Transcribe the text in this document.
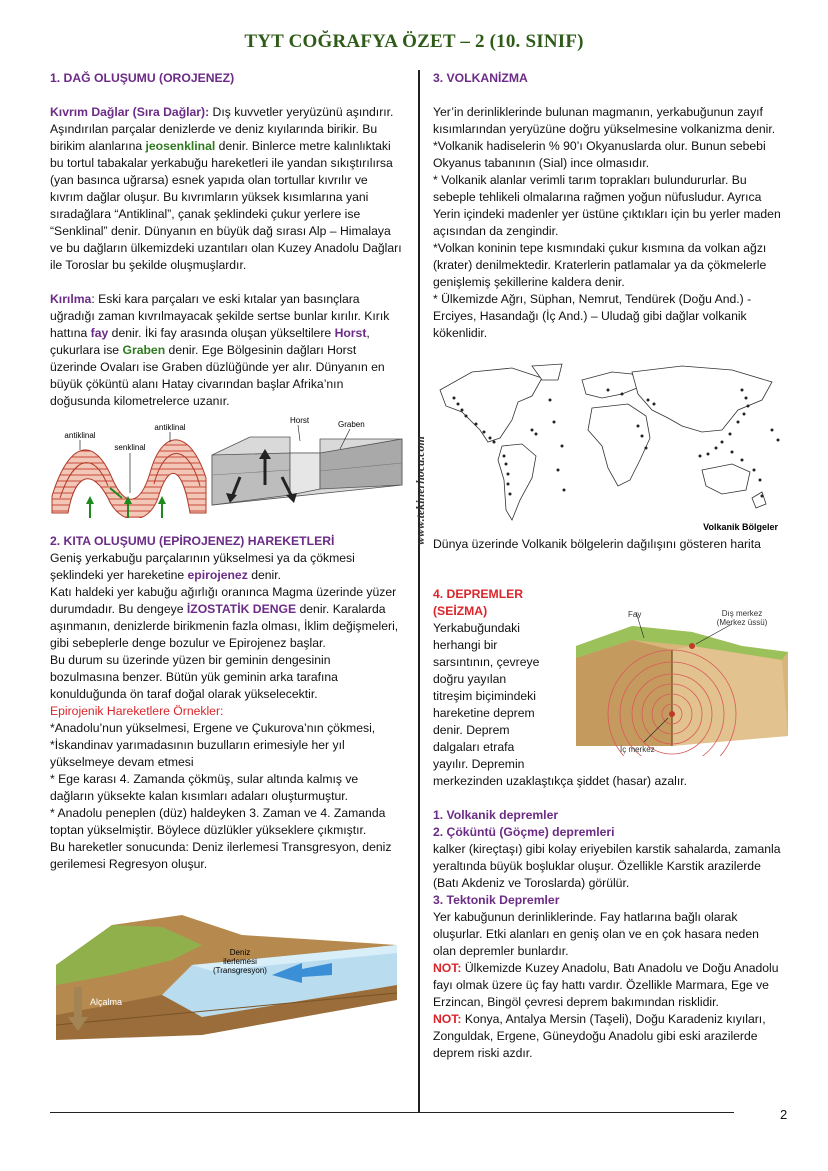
TYT COĞRAFYA ÖZET – 2 (10. SINIF)
2

1. DAĞ OLUŞUMU (OROJENEZ)

Kıvrım Dağlar (Sıra Dağlar): Dış kuvvetler yeryüzünü aşındırır. Aşındırılan parçalar denizlerde ve deniz kıyılarında birikir. Bu birikim alanlarına jeosenklinal denir. Binlerce metre kalınlıktaki bu tortul tabakalar yerkabuğu hareketleri ile yandan sıkıştırılırsa (yan basınca uğrarsa) esnek yapıda olan tortullar kıvrılır ve kıvrım dağlar oluşur. Bu kıvrımların yüksek kısımlarına yani sıradağlara “Antiklinal”, çanak şeklindeki çukur yerlere ise “Senklinal” denir. Dünyanın en büyük dağ sırası Alp – Himalaya ve bu dağların ülkemizdeki uzantıları olan Kuzey Anadolu Dağları ile Toroslar bu şekilde oluşmuşlardır.

Kırılma: Eski kara parçaları ve eski kıtalar yan basınçlara uğradığı zaman kıvrılmayacak şekilde sertse bunlar kırılır. Kırık hattına fay denir. İki fay arasında oluşan yükseltilere Horst, çukurlara ise Graben denir. Ege Bölgesinin dağları Horst üzerinde Ovaları ise Graben düzlüğünde yer alır. Dünyanın en büyük çöküntü alanı Hatay civarından başlar Afrika’nın doğusunda kilometrelerce uzanır.

antiklinal
antiklinal
senklinal
Horst	Graben

2. KITA OLUŞUMU (EPİROJENEZ) HAREKETLERİ

Geniş yerkabuğu parçalarının yükselmesi ya da çökmesi şeklindeki yer hareketine epirojenez denir.

Katı haldeki yer kabuğu ağırlığı oranınca Magma üzerinde yüzer durumdadır. Bu dengeye İZOSTATİK DENGE denir. Karalarda aşınmanın, denizlerde birikmenin fazla olması, İklim değişmeleri, gibi sebeplerle denge bozulur ve Epirojenez başlar.

Bu durum su üzerinde yüzen bir geminin dengesinin bozulmasına benzer. Bütün yük geminin arka tarafına konulduğunda ön taraf doğal olarak yükselecektir.

Epirojenik Hareketlere Örnekler:

*Anadolu’nun yükselmesi, Ergene ve Çukurova’nın çökmesi,

*İskandinav yarımadasının buzulların erimesiyle her yıl yükselmeye devam etmesi

* Ege karası 4. Zamanda çökmüş, sular altında kalmış ve dağların yüksekte kalan kısımları adaları oluşturmuştur.

* Anadolu peneplen (düz) haldeyken 3. Zaman ve 4. Zamanda toptan yükselmiştir. Böylece düzlükler yükseklere çıkmıştır.

Bu hareketler sonucunda: Deniz ilerlemesi Transgresyon, deniz gerilemesi Regresyon oluşur.

Deniz
ilerlemesi
(Transgresyon)
Alçalma
www.tekinerhoca.com

3. VOLKANİZMA

Yer’in derinliklerinde bulunan magmanın, yerkabuğunun zayıf kısımlarından yeryüzüne doğru yükselmesine volkanizma denir.

*Volkanik hadiselerin % 90’ı Okyanuslarda olur. Bunun sebebi Okyanus tabanının (Sial) ince olmasıdır.

* Volkanik alanlar verimli tarım toprakları bulundururlar. Bu sebeple tehlikeli olmalarına rağmen yoğun nüfusludur. Ayrıca Yerin içindeki madenler yer üstüne çıktıkları için bu yerler maden açısından da zengindir.

*Volkan koninin tepe kısmındaki çukur kısmına da volkan ağzı (krater) denilmektedir. Kraterlerin patlamalar ya da çökmelerle genişlemiş şekillerine kaldera denir.

* Ülkemizde Ağrı, Süphan, Nemrut, Tendürek (Doğu And.) - Erciyes, Hasandağı (İç And.) – Uludağ gibi dağlar volkanik kökenlidir.

Volkanik Bölgeler

Dünya üzerinde Volkanik bölgelerin dağılışını gösteren harita

Fay	Dış merkez
(Merkez üssü)
İç merkez

4. DEPREMLER

(SEİZMA)

Yerkabuğundaki

herhangi bir

sarsıntının, çevreye

doğru yayılan

titreşim biçimindeki

hareketine deprem

denir. Deprem

dalgaları etrafa

yayılır. Depremin

merkezinden uzaklaştıkça şiddet (hasar) azalır.

1. Volkanik depremler

2. Çöküntü (Göçme) depremleri

kalker (kireçtaşı) gibi kolay eriyebilen karstik sahalarda, zamanla yeraltında büyük boşluklar oluşur. Özellikle Karstik arazilerde (Batı Akdeniz ve Toroslarda) görülür.

3. Tektonik Depremler

Yer kabuğunun derinliklerinde. Fay hatlarına bağlı olarak oluşurlar. Etki alanları en geniş olan ve en çok hasara neden olan depremler bunlardır.

NOT: Ülkemizde Kuzey Anadolu, Batı Anadolu ve Doğu Anadolu fayı olmak üzere üç fay hattı vardır. Özellikle Marmara, Ege ve Erzincan, Bingöl çevresi deprem bakımından risklidir.

NOT: Konya, Antalya Mersin (Taşeli), Doğu Karadeniz kıyıları, Zonguldak, Ergene, Güneydoğu Anadolu gibi eski arazilerde deprem riski azdır.
